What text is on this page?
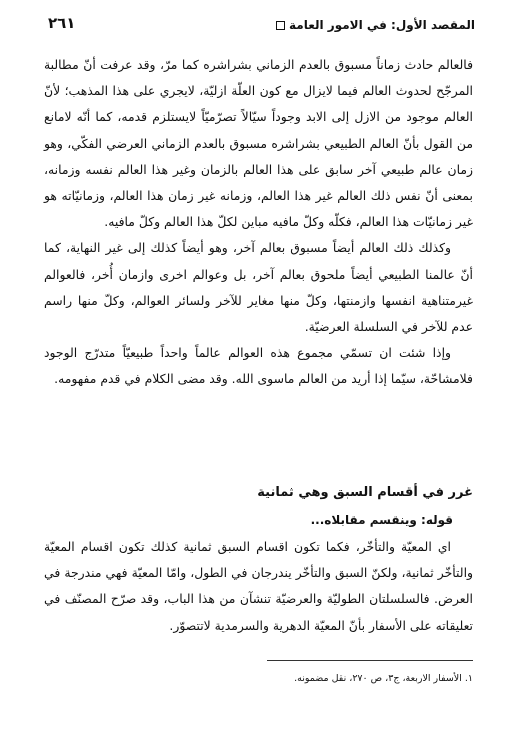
المقصد الأول: في الامور العامة
٢٦١

فالعالم حادث زماناً مسبوق بالعدم الزماني بشراشره كما مرّ، وقد عرفت أنّ مطالبة المرجّح لحدوث العالم فيما لايزال مع كون العلّة ازليّة، لايجري على هذا المذهب؛ لأنّ العالم موجود من الازل إلى الابد وجوداً سيّالاً تصرّميّاً لايستلزم قدمه، كما أنّه لامانع من القول بأنّ العالم الطبيعي بشراشره مسبوق بالعدم الزماني العرضي الفكّي، وهو زمان عالم طبيعي آخر سابق على هذا العالم بالزمان وغير هذا العالم نفسه وزمانه، بمعنى أنّ نفس ذلك العالم غير هذا العالم، وزمانه غير زمان هذا العالم، وزمانيّاته هو غير زمانيّات هذا العالم، فكلّه وكلّ مافيه مباين لكلّ هذا العالم وكلّ مافيه.

وكذلك ذلك العالم أيضاً مسبوق بعالم آخر، وهو أيضاً كذلك إلى غير النهاية، كما أنّ عالمنا الطبيعي أيضاً ملحوق بعالم آخر، بل وعوالم اخرى وازمان أُخر، فالعوالم غيرمتناهية انفسها وازمنتها، وكلّ منها مغاير للآخر ولسائر العوالم، وكلّ منها راسم عدم للآخر في السلسلة العرضيّة.

وإذا شئت ان تسمّي مجموع هذه العوالم عالماً واحداً طبيعيّاً متدرّج الوجود فلامشاحّة، سيّما إذا أريد من العالم ماسوى الله. وقد مضى الكلام في قدم مفهومه.

غرر في أقسام السبق وهي ثمانية
قوله: وينقسم مقابلاه...

اي المعيّة والتأخّر، فكما تكون اقسام السبق ثمانية كذلك تكون اقسام المعيّة والتأخّر ثمانية، ولكنّ السبق والتأخّر يندرجان في الطول، وامّا المعيّة فهي مندرجة في العرض. فالسلسلتان الطوليّة والعرضيّة تنشآن من هذا الباب، وقد صرّح المصنّف في تعليقاته على الأسفار بأنّ المعيّة الدهرية والسرمدية لاتتصوّر.

١. الأسفار الاربعة، ج٣، ص ٢٧٠، نقل مضمونه.
